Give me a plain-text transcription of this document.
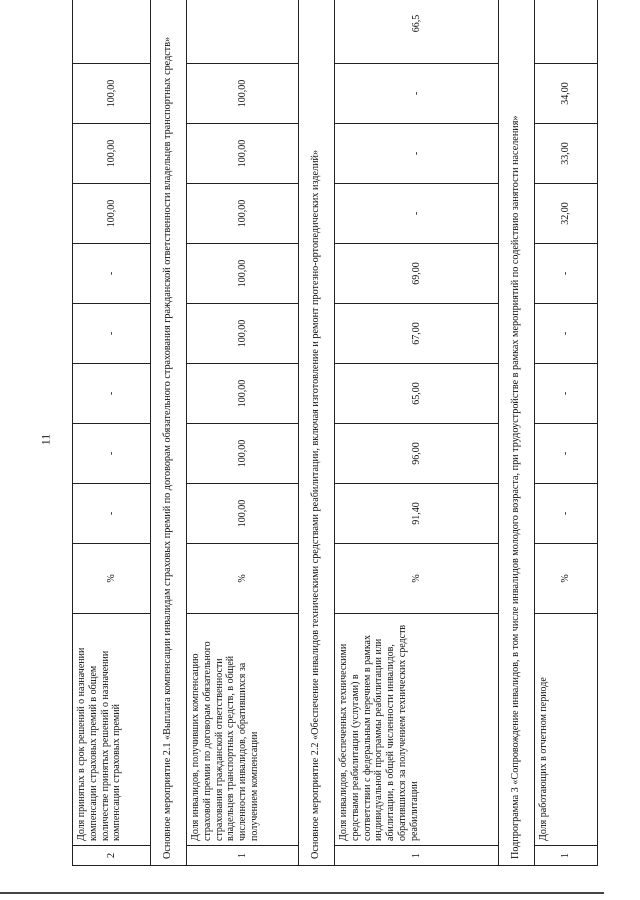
11
2	Доля принятых в срок решений о назначении компенсации страховых премий в общем количестве принятых решений о назначении компенсации страховых премий	%	-	-	-	-	-	100,00	100,00	100,00	
Основное мероприятие 2.1 «Выплата компенсации инвалидам страховых премий по договорам обязательного страхования гражданской ответственности владельцев транспортных средств»											
1	Доля инвалидов, получивших компенсацию страховой премии по договорам обязательного страхования гражданской ответственности владельцев транспортных средств, в общей численности инвалидов, обратившихся за получением компенсации	%	100,00	100,00	100,00	100,00	100,00	100,00	100,00	100,00	
Основное мероприятие 2.2 «Обеспечение инвалидов техническими средствами реабилитации, включая изготовление и ремонт протезно-ортопедических изделий»											
1	Доля инвалидов, обеспеченных техническими средствами реабилитации (услугами) в соответствии с федеральным перечнем в рамках индивидуальной программы реабилитации или абилитации, в общей численности инвалидов, обратившихся за получением технических средств реабилитации	%	91,40	96,00	65,00	67,00	69,00	-	-	-	66,5
Подпрограмма 3 «Сопровождение инвалидов, в том числе инвалидов молодого возраста, при трудоустройстве в рамках мероприятий по содействию занятости населения»											
1	Доля работающих в отчетном периоде	%	-	-	-	-	-	32,00	33,00	34,00	
